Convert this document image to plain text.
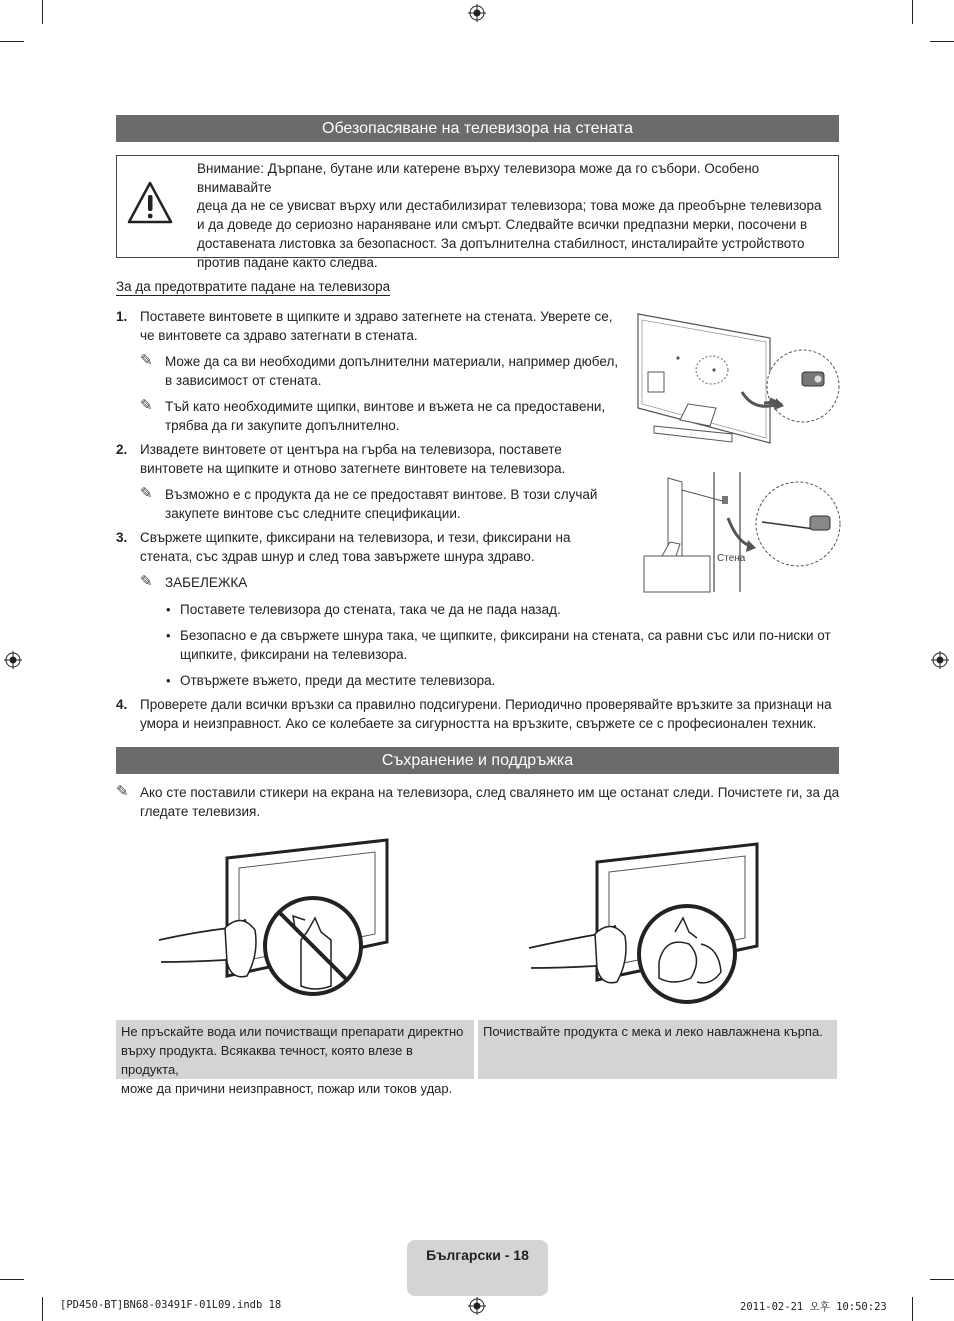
Обезопасяване на телевизора на стената
Внимание: Дърпане, бутане или катерене върху телевизора може да го събори. Особено внимавайте
деца да не се увисват върху или дестабилизират телевизора; това може да преобърне телевизора
и да доведе до сериозно нараняване или смърт. Следвайте всички предпазни мерки, посочени в
доставената листовка за безопасност. За допълнителна стабилност, инсталирайте устройството
против падане както следва.
За да предотвратите падане на телевизора
1. Поставете винтовете в щипките и здраво затегнете на стената. Уверете се,
че винтовете са здраво затегнати в стената.
✎ Може да са ви необходими допълнителни материали, например дюбел,
в зависимост от стената.
✎ Тъй като необходимите щипки, винтове и въжета не са предоставени,
трябва да ги закупите допълнително.
2. Извадете винтовете от центъра на гърба на телевизора, поставете
винтовете на щипките и отново затегнете винтовете на телевизора.
✎ Възможно е с продукта да не се предоставят винтове. В този случай
закупете винтове със следните спецификации.
3. Свържете щипките, фиксирани на телевизора, и тези, фиксирани на
стената, със здрав шнур и след това завържете шнура здраво.
✎ ЗАБЕЛЕЖКА
• Поставете телевизора до стената, така че да не пада назад.
• Безопасно е да свържете шнура така, че щипките, фиксирани на стената, са равни със или по-ниски от
щипките, фиксирани на телевизора.
• Отвържете въжето, преди да местите телевизора.
4. Проверете дали всички връзки са правилно подсигурени. Периодично проверявайте връзките за признаци на
умора и неизправност. Ако се колебаете за сигурността на връзките, свържете се с професионален техник.
Стена
Съхранение и поддръжка
✎ Ако сте поставили стикери на екрана на телевизора, след свалянето им ще останат следи. Почистете ги, за да
гледате телевизия.
Не пръскайте вода или почистващи препарати директно
върху продукта. Всякаква течност, която влезе в продукта,
може да причини неизправност, пожар или токов удар.
Почиствайте продукта с мека и леко навлажнена кърпа.
Български - 18
[PD450-BT]BN68-03491F-01L09.indb 18	2011-02-21 오후 10:50:23
